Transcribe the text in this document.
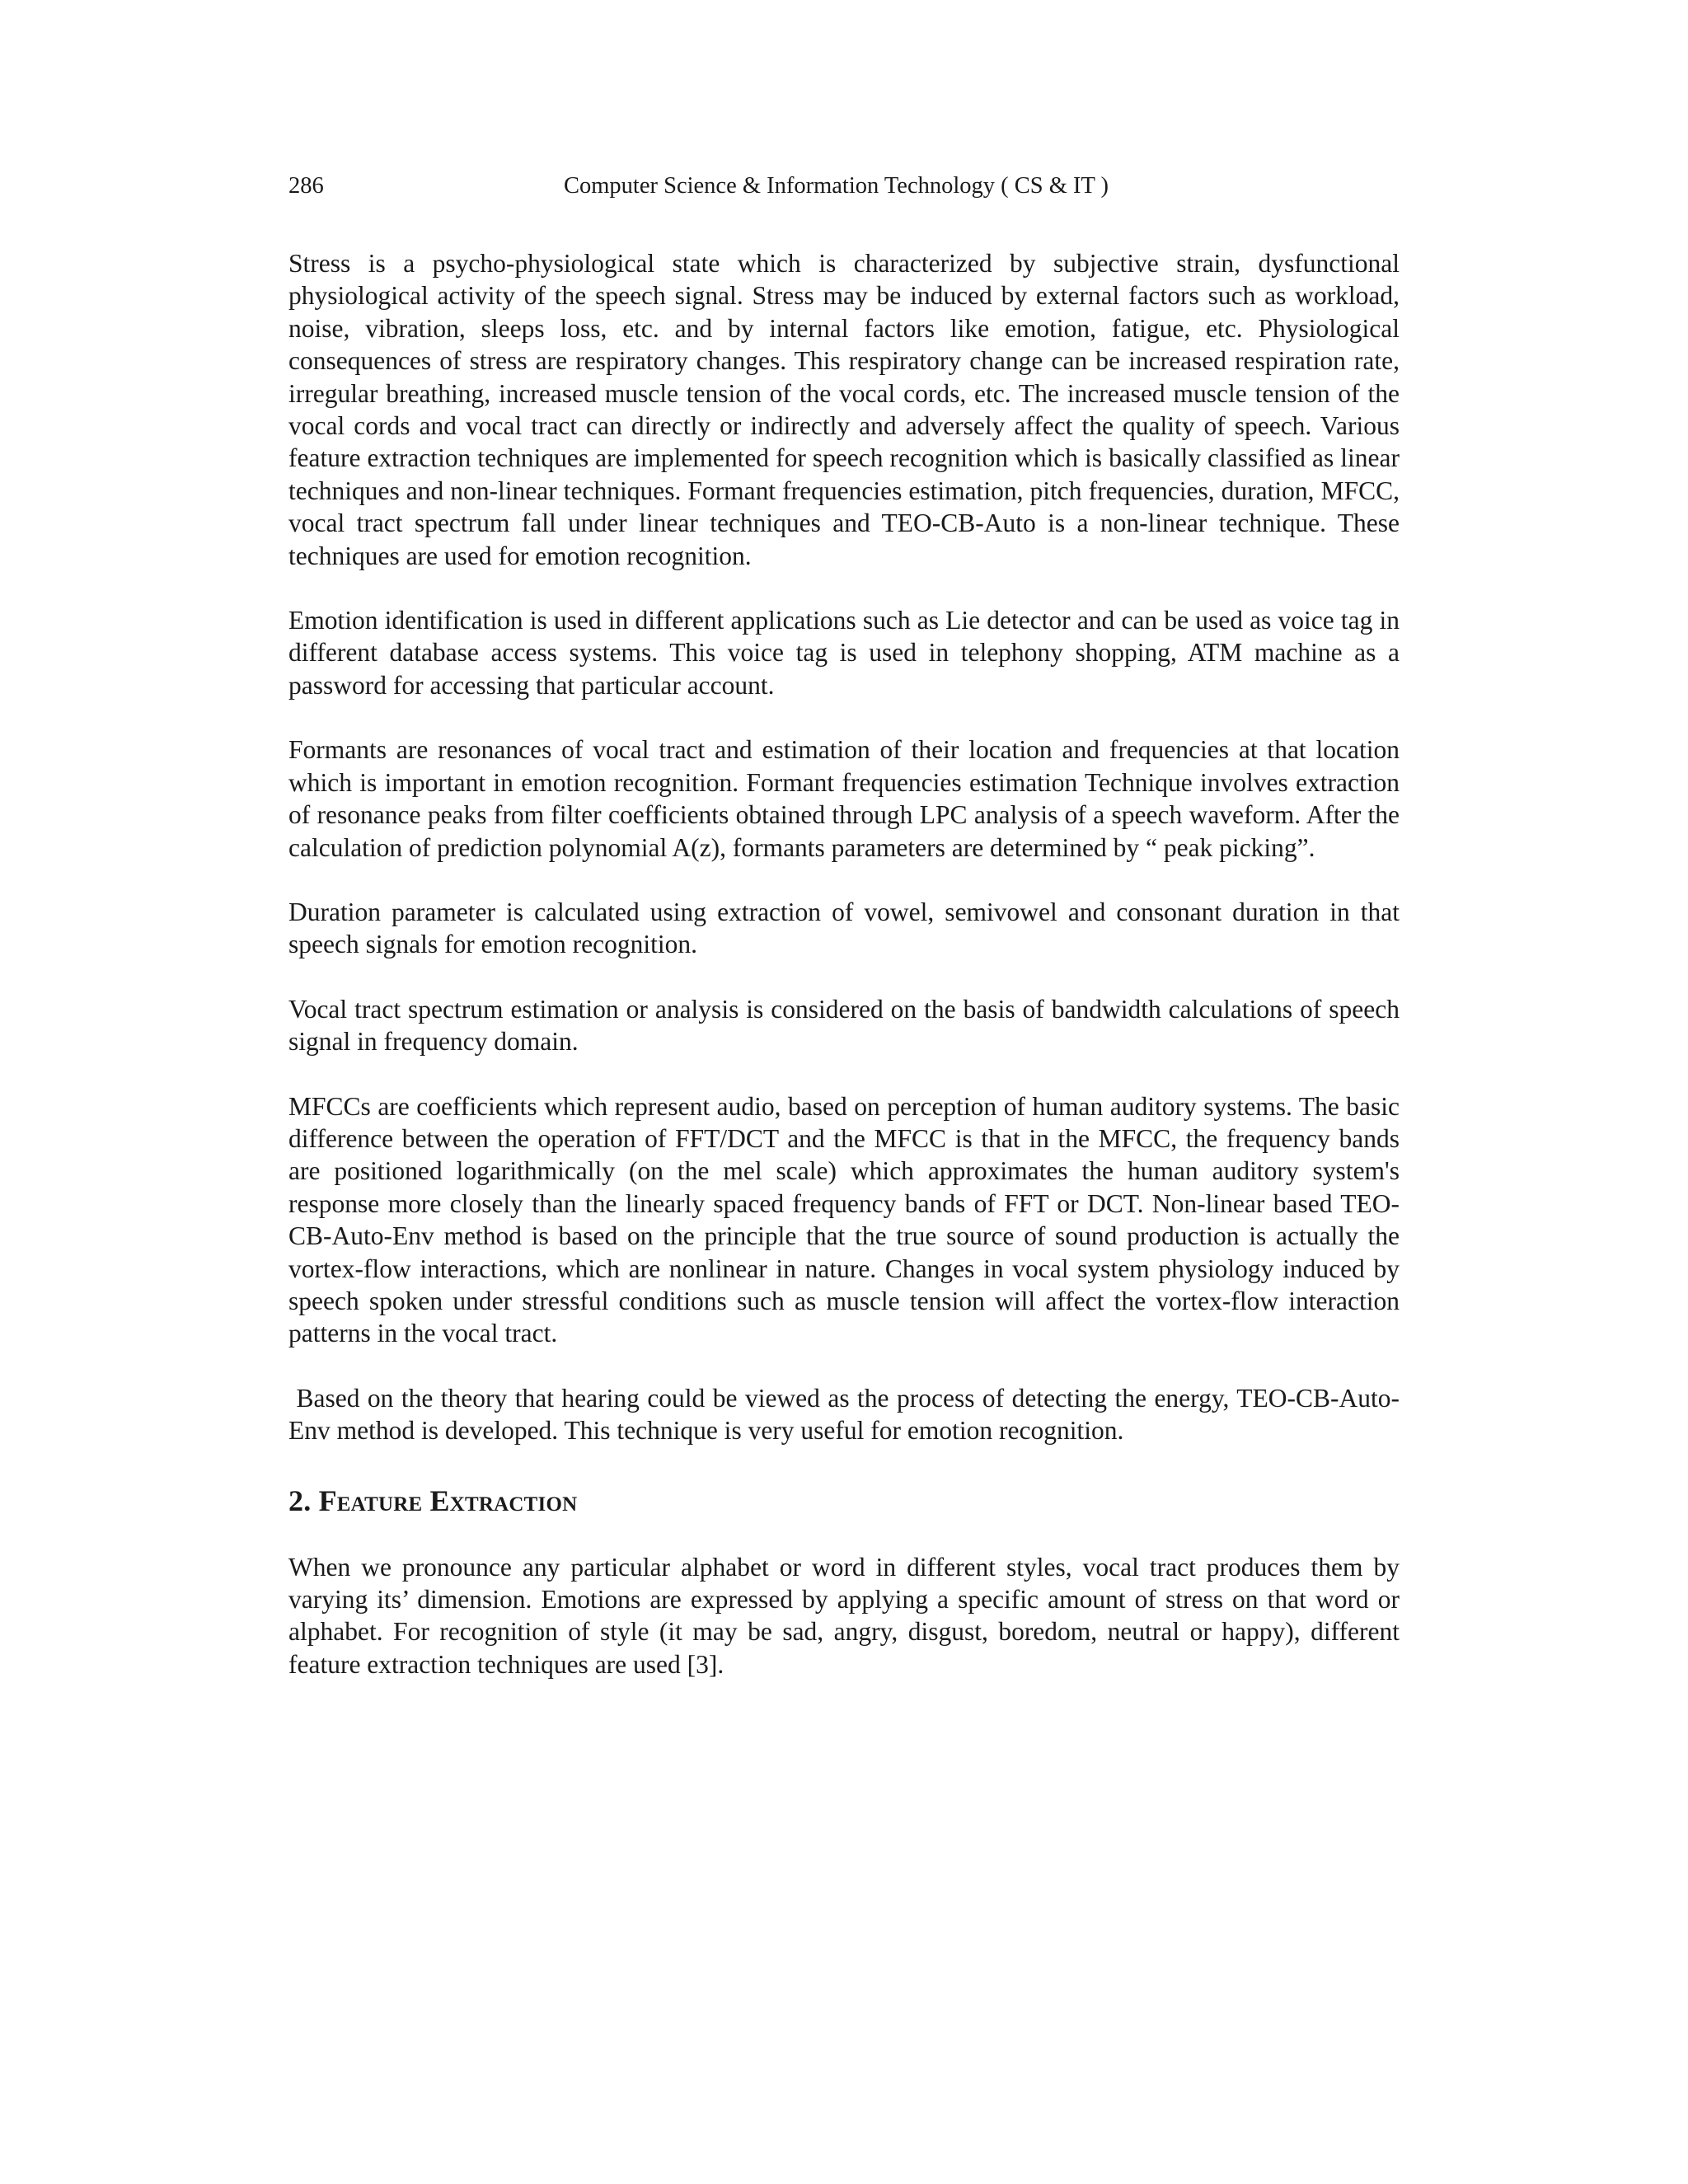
286	Computer Science & Information Technology ( CS & IT )

Stress is a psycho-physiological state which is characterized by subjective strain, dysfunctional physiological activity of the speech signal. Stress may be induced by external factors such as workload, noise, vibration, sleeps loss, etc. and by internal factors like emotion, fatigue, etc. Physiological consequences of stress are respiratory changes. This respiratory change can be increased respiration rate, irregular breathing, increased muscle tension of the vocal cords, etc. The increased muscle tension of the vocal cords and vocal tract can directly or indirectly and adversely affect the quality of speech. Various feature extraction techniques are implemented for speech recognition which is basically classified as linear techniques and non-linear techniques. Formant frequencies estimation, pitch frequencies, duration, MFCC, vocal tract spectrum fall under linear techniques and TEO-CB-Auto is a non-linear technique. These techniques are used for emotion recognition.

Emotion identification is used in different applications such as Lie detector and can be used as voice tag in different database access systems. This voice tag is used in telephony shopping, ATM machine as a password for accessing that particular account.

Formants are resonances of vocal tract and estimation of their location and frequencies at that location which is important in emotion recognition. Formant frequencies estimation Technique involves extraction of resonance peaks from filter coefficients obtained through LPC analysis of a speech waveform. After the calculation of prediction polynomial A(z), formants parameters are determined by “ peak picking”.

Duration parameter is calculated using extraction of vowel, semivowel and consonant duration in that speech signals for emotion recognition.

Vocal tract spectrum estimation or analysis is considered on the basis of bandwidth calculations of speech signal in frequency domain.

MFCCs are coefficients which represent audio, based on perception of human auditory systems. The basic difference between the operation of FFT/DCT and the MFCC is that in the MFCC, the frequency bands are positioned logarithmically (on the mel scale) which approximates the human auditory system's response more closely than the linearly spaced frequency bands of FFT or DCT. Non-linear based TEO-CB-Auto-Env method is based on the principle that the true source of sound production is actually the vortex-flow interactions, which are nonlinear in nature. Changes in vocal system physiology induced by speech spoken under stressful conditions such as muscle tension will affect the vortex-flow interaction patterns in the vocal tract.

Based on the theory that hearing could be viewed as the process of detecting the energy, TEO-CB-Auto-Env method is developed. This technique is very useful for emotion recognition.

2. Feature Extraction

When we pronounce any particular alphabet or word in different styles, vocal tract produces them by varying its’ dimension. Emotions are expressed by applying a specific amount of stress on that word or alphabet. For recognition of style (it may be sad, angry, disgust, boredom, neutral or happy), different feature extraction techniques are used [3].
